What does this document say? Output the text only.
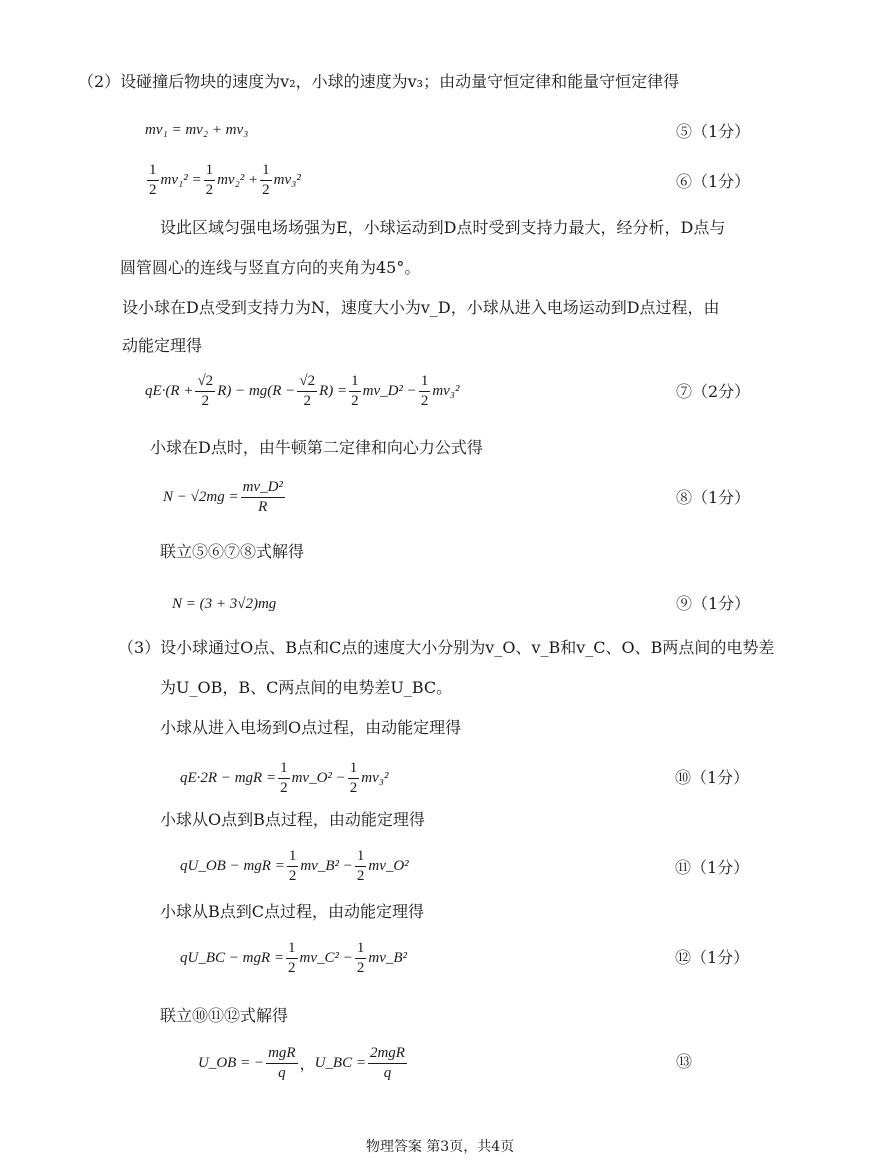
（2）设碰撞后物块的速度为v₂，小球的速度为v₃；由动量守恒定律和能量守恒定律得
mv₁
= mv₂ + mv₃	⑤（1分）
$\frac{1}{2} mv_1^2 = \frac{1}{2} mv_2^2 + \frac{1}{2} mv_3^2$	⑥（1分）
设此区域匀强电场场强为E，小球运动到D点时受到支持力最大，经分析，D点与
圆管圆心的连线与竖直方向的夹角为45°。
设小球在D点受到支持力为N，速度大小为v_D，小球从进入电场运动到D点过程，由
动能定理得
$qE\cdot(R + \frac{√2}{2} R) - mg(R - \frac{√2}{2} R) = \frac{1}{2}$ mv_D² − $\frac{1}{2} mv_3^2$	⑦（2分）
小球在D点时，由牛顿第二定律和向心力公式得
$N - √2mg = \frac{\text{mv\_D²}}{R}$	⑧（1分）
联立⑤⑥⑦⑧式解得
N = (3 + 3√2)mg	⑨（1分）
（3）设小球通过O点、B点和C点的速度大小分别为v_O、v_B和v_C、O、B两点间的电势差
为U_OB，B、C两点间的电势差U_BC。
小球从进入电场到O点过程，由动能定理得
qE·2R − mgR = $\frac{1}{2}$ mv_O² − $\frac{1}{2} mv_3^2$	⑩（1分）
小球从O点到B点过程，由动能定理得
qU_OB − mgR = $\frac{1}{2}$ mv_B² − $\frac{1}{2}$ mv_O²	⑪（1分）
小球从B点到C点过程，由动能定理得
qU_BC − mgR = $\frac{1}{2}$ mv_C² − $\frac{1}{2}$ mv_B²	⑫（1分）
联立⑩⑪⑫式解得
U_OB = − $\frac{\text{mgR}}{q}$ ， U_BC = $\frac{\text{2mgR}}{q}$	⑬
物理答案 第3页，共4页
